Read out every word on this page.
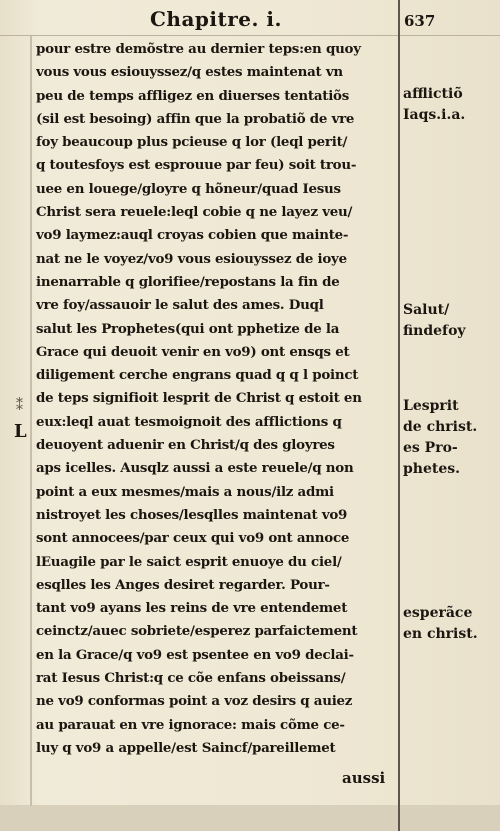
Chapitre. i.	637
⁑
L
pour estre demõstre au dernier teps:en quoy
vous vous esiouyssez/q estes maintenat vn
peu de temps affligez en diuerses tentatiõs
(sil est besoing) affin que la probatiõ de vre
foy beaucoup plus pcieuse q lor (leql perit/
q toutesfoys est esprouue par feu) soit trou-
uee en louege/gloyre q hõneur/quad Iesus
Christ sera reuele:leql cobie q ne layez veu/
vo9 laymez:auql croyas cobien que mainte-
nat ne le voyez/vo9 vous esiouyssez de ioye
inenarrable q glorifiee/repostans la fin de
vre foy/assauoir le salut des ames. Duql
salut les Prophetes(qui ont pphetize de la
Grace qui deuoit venir en vo9) ont ensqs et
diligement cerche engrans quad q q l poinct
de teps signifioit lesprit de Christ q estoit en
eux:leql auat tesmoignoit des afflictions q
deuoyent aduenir en Christ/q des gloyres
aps icelles. Ausqlz aussi a este reuele/q non
point a eux mesmes/mais a nous/ilz admi
nistroyet les choses/lesqlles maintenat vo9
sont annocees/par ceux qui vo9 ont annoce
lEuagile par le saict esprit enuoye du ciel/
esqlles les Anges desiret regarder. Pour-
tant vo9 ayans les reins de vre entendemet
ceinctz/auec sobriete/esperez parfaictement
en la Grace/q vo9 est psentee en vo9 declai-
rat Iesus Christ:q ce cõe enfans obeissans/
ne vo9 conformas point a voz desirs q auiez
au parauat en vre ignorace: mais cõme ce-
luy q vo9 a appelle/est Saincf/pareillemet
afflictiõ
Iaqs.i.a.
Salut/
findefoy
Lesprit
de christ.
es Pro-
phetes.
esperãce
en christ.
aussi
